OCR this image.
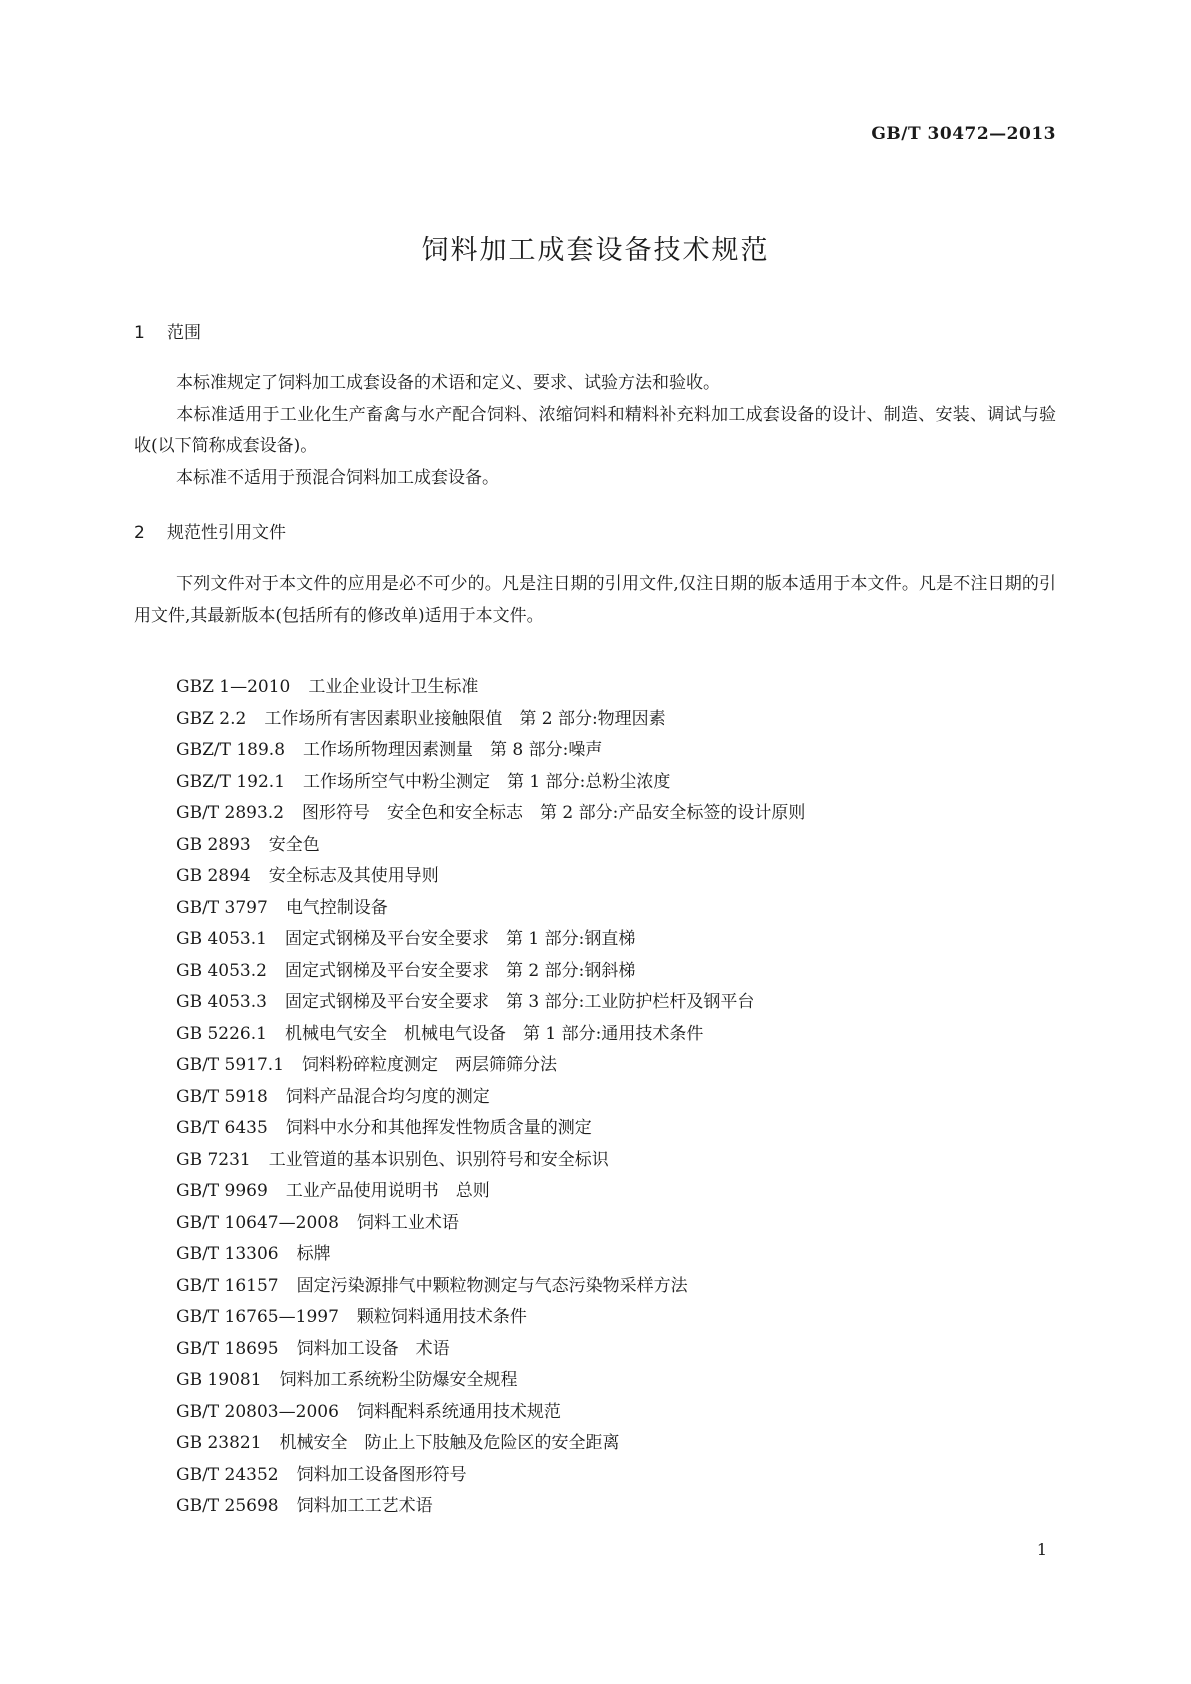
GB/T 30472—2013
饲料加工成套设备技术规范
1 范围

本标准规定了饲料加工成套设备的术语和定义、要求、试验方法和验收。

本标准适用于工业化生产畜禽与水产配合饲料、浓缩饲料和精料补充料加工成套设备的设计、制造、安装、调试与验收(以下简称成套设备)。

本标准不适用于预混合饲料加工成套设备。

2 规范性引用文件

下列文件对于本文件的应用是必不可少的。凡是注日期的引用文件,仅注日期的版本适用于本文件。凡是不注日期的引用文件,其最新版本(包括所有的修改单)适用于本文件。

GBZ 1—2010 工业企业设计卫生标准
GBZ 2.2 工作场所有害因素职业接触限值　第 2 部分:物理因素
GBZ/T 189.8 工作场所物理因素测量　第 8 部分:噪声
GBZ/T 192.1 工作场所空气中粉尘测定　第 1 部分:总粉尘浓度
GB/T 2893.2 图形符号　安全色和安全标志　第 2 部分:产品安全标签的设计原则
GB 2893 安全色
GB 2894 安全标志及其使用导则
GB/T 3797 电气控制设备
GB 4053.1 固定式钢梯及平台安全要求　第 1 部分:钢直梯
GB 4053.2 固定式钢梯及平台安全要求　第 2 部分:钢斜梯
GB 4053.3 固定式钢梯及平台安全要求　第 3 部分:工业防护栏杆及钢平台
GB 5226.1 机械电气安全　机械电气设备　第 1 部分:通用技术条件
GB/T 5917.1 饲料粉碎粒度测定　两层筛筛分法
GB/T 5918 饲料产品混合均匀度的测定
GB/T 6435 饲料中水分和其他挥发性物质含量的测定
GB 7231 工业管道的基本识别色、识别符号和安全标识
GB/T 9969 工业产品使用说明书　总则
GB/T 10647—2008 饲料工业术语
GB/T 13306 标牌
GB/T 16157 固定污染源排气中颗粒物测定与气态污染物采样方法
GB/T 16765—1997 颗粒饲料通用技术条件
GB/T 18695 饲料加工设备　术语
GB 19081 饲料加工系统粉尘防爆安全规程
GB/T 20803—2006 饲料配料系统通用技术规范
GB 23821 机械安全　防止上下肢触及危险区的安全距离
GB/T 24352 饲料加工设备图形符号
GB/T 25698 饲料加工工艺术语
1
